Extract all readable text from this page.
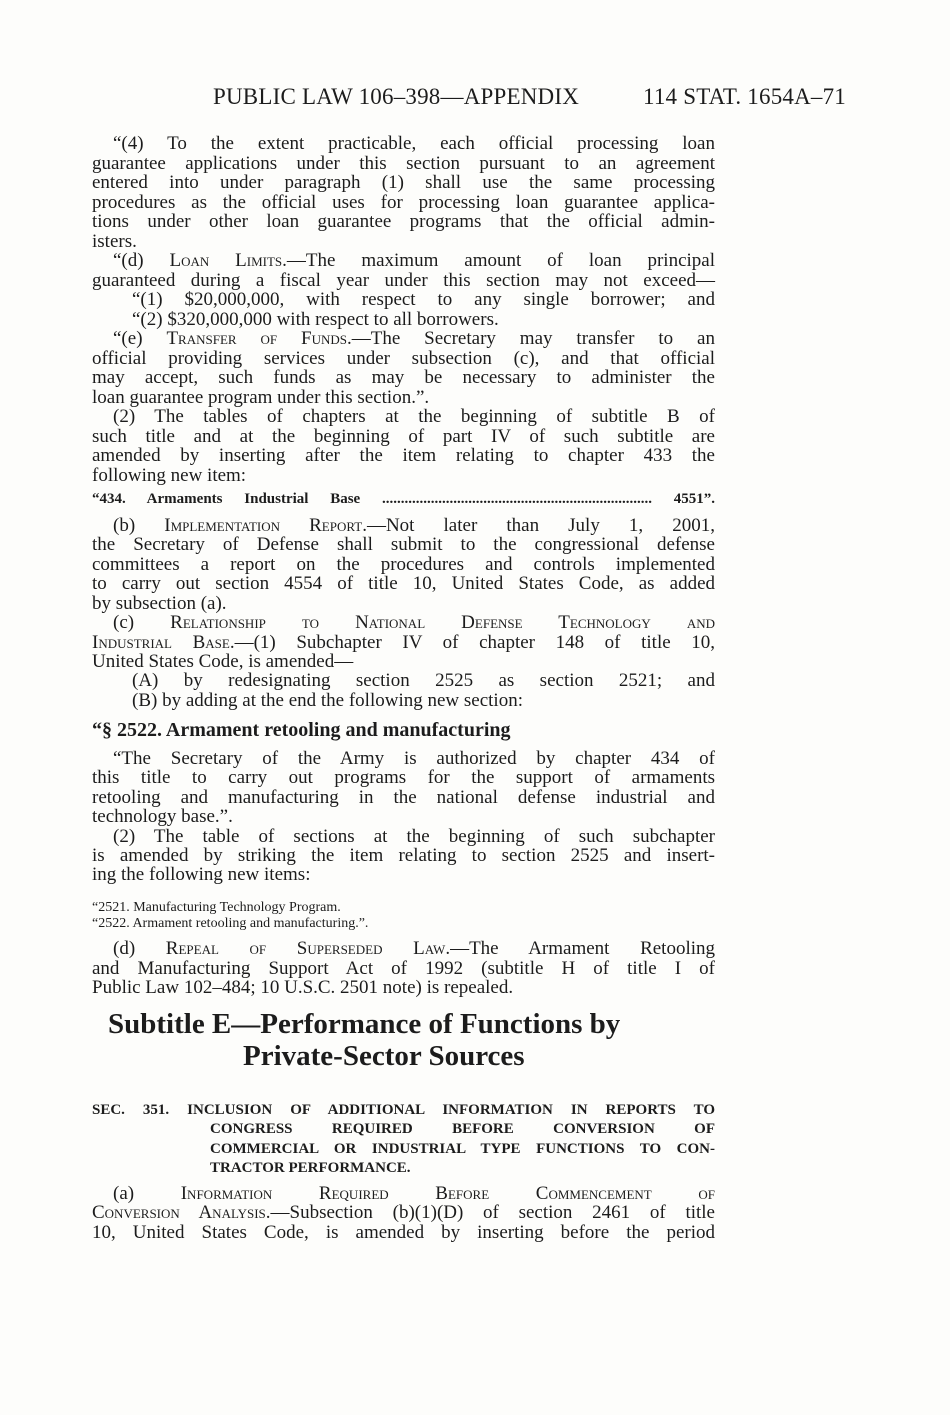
PUBLIC LAW 106–398—APPENDIX	114 STAT. 1654A–71
“(4) To the extent practicable, each official processing loan
guarantee applications under this section pursuant to an agreement
entered into under paragraph (1) shall use the same processing
procedures as the official uses for processing loan guarantee applica-
tions under other loan guarantee programs that the official admin-
isters.
“(d) Loan Limits.—The maximum amount of loan principal
guaranteed during a fiscal year under this section may not exceed—
“(1) $20,000,000, with respect to any single borrower; and
“(2) $320,000,000 with respect to all borrowers.
“(e) Transfer of Funds.—The Secretary may transfer to an
official providing services under subsection (c), and that official
may accept, such funds as may be necessary to administer the
loan guarantee program under this section.”.
(2) The tables of chapters at the beginning of subtitle B of
such title and at the beginning of part IV of such subtitle are
amended by inserting after the item relating to chapter 433 the
following new item:
“434. Armaments Industrial Base ........................................................................ 4551”.
(b) Implementation Report.—Not later than July 1, 2001,
the Secretary of Defense shall submit to the congressional defense
committees a report on the procedures and controls implemented
to carry out section 4554 of title 10, United States Code, as added
by subsection (a).
(c) Relationship to National Defense Technology and
Industrial Base.—(1) Subchapter IV of chapter 148 of title 10,
United States Code, is amended—
(A) by redesignating section 2525 as section 2521; and
(B) by adding at the end the following new section:
“§ 2522. Armament retooling and manufacturing
“The Secretary of the Army is authorized by chapter 434 of
this title to carry out programs for the support of armaments
retooling and manufacturing in the national defense industrial and
technology base.”.
(2) The table of sections at the beginning of such subchapter
is amended by striking the item relating to section 2525 and insert-
ing the following new items:
“2521. Manufacturing Technology Program.
“2522. Armament retooling and manufacturing.”.
(d) Repeal of Superseded Law.—The Armament Retooling
and Manufacturing Support Act of 1992 (subtitle H of title I of
Public Law 102–484; 10 U.S.C. 2501 note) is repealed.
Subtitle E—Performance of Functions by
Private-Sector Sources
SEC. 351. INCLUSION OF ADDITIONAL INFORMATION IN REPORTS TO
CONGRESS REQUIRED BEFORE CONVERSION OF
COMMERCIAL OR INDUSTRIAL TYPE FUNCTIONS TO CON-
TRACTOR PERFORMANCE.
(a) Information Required Before Commencement of
Conversion Analysis.—Subsection (b)(1)(D) of section 2461 of title
10, United States Code, is amended by inserting before the period
